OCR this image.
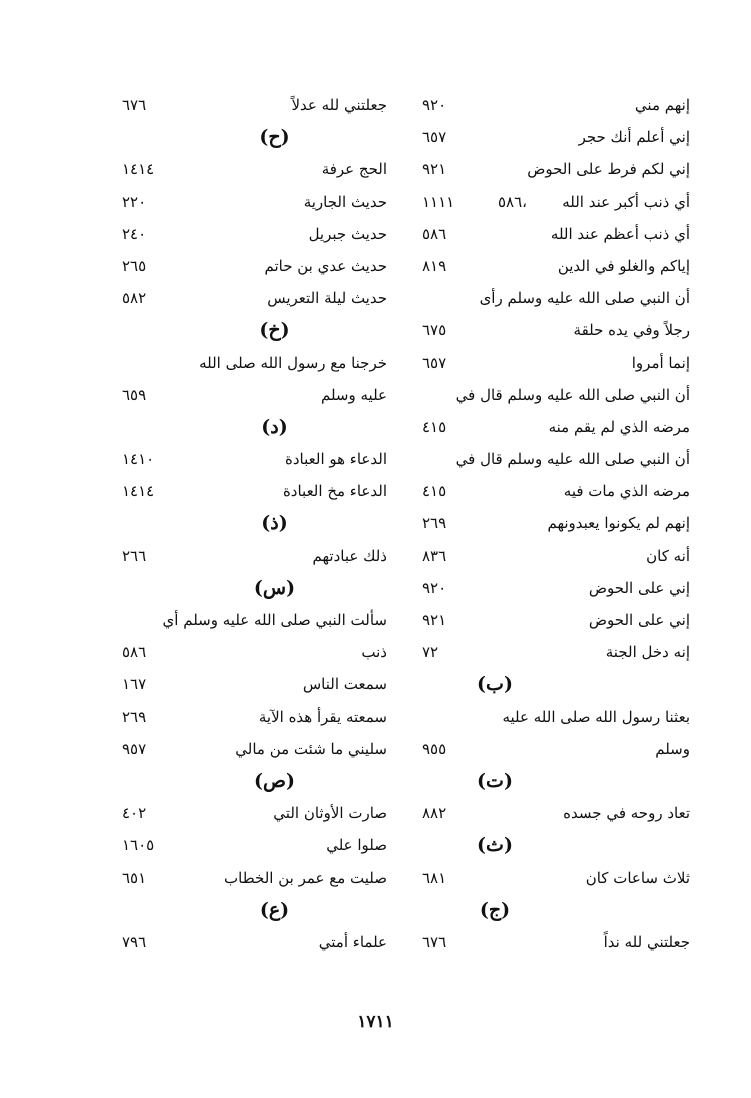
إنهم مني
٩٢٠
إني أعلم أنك حجر
٦٥٧
إني لكم فرط على الحوض
٩٢١
أي ذنب أكبر عند الله
١١١١	٥٨٦،
أي ذنب أعظم عند الله
٥٨٦
إياكم والغلو في الدين
٨١٩
أن النبي صلى الله عليه وسلم رأى
رجلاً وفي يده حلقة
٦٧٥
إنما أمروا
٦٥٧
أن النبي صلى الله عليه وسلم قال في
مرضه الذي لم يقم منه
٤١٥
أن النبي صلى الله عليه وسلم قال في
مرضه الذي مات فيه
٤١٥
إنهم لم يكونوا يعبدونهم
٢٦٩
أنه كان
٨٣٦
إني على الحوض
٩٢٠
إني على الحوض
٩٢١
إنه دخل الجنة
٧٢
(ب)
بعثنا رسول الله صلى الله عليه
وسلم
٩٥٥
(ت)
تعاد روحه في جسده
٨٨٢
(ث)
ثلاث ساعات كان
٦٨١
(ج)
جعلتني لله نداً
٦٧٦
جعلتني لله عدلاً
٦٧٦
(ح)
الحج عرفة
١٤١٤
حديث الجارية
٢٢٠
حديث جبريل
٢٤٠
حديث عدي بن حاتم
٢٦٥
حديث ليلة التعريس
٥٨٢
(خ)
خرجنا مع رسول الله صلى الله
عليه وسلم
٦٥٩
(د)
الدعاء هو العبادة
١٤١٠
الدعاء مخ العبادة
١٤١٤
(ذ)
ذلك عبادتهم
٢٦٦
(س)
سألت النبي صلى الله عليه وسلم أي
ذنب
٥٨٦
سمعت الناس
١٦٧
سمعته يقرأ هذه الآية
٢٦٩
سليني ما شئت من مالي
٩٥٧
(ص)
صارت الأوثان التي
٤٠٢
صلوا علي
١٦٠٥
صليت مع عمر بن الخطاب
٦٥١
(ع)
علماء أمتي
٧٩٦
١٧١١
